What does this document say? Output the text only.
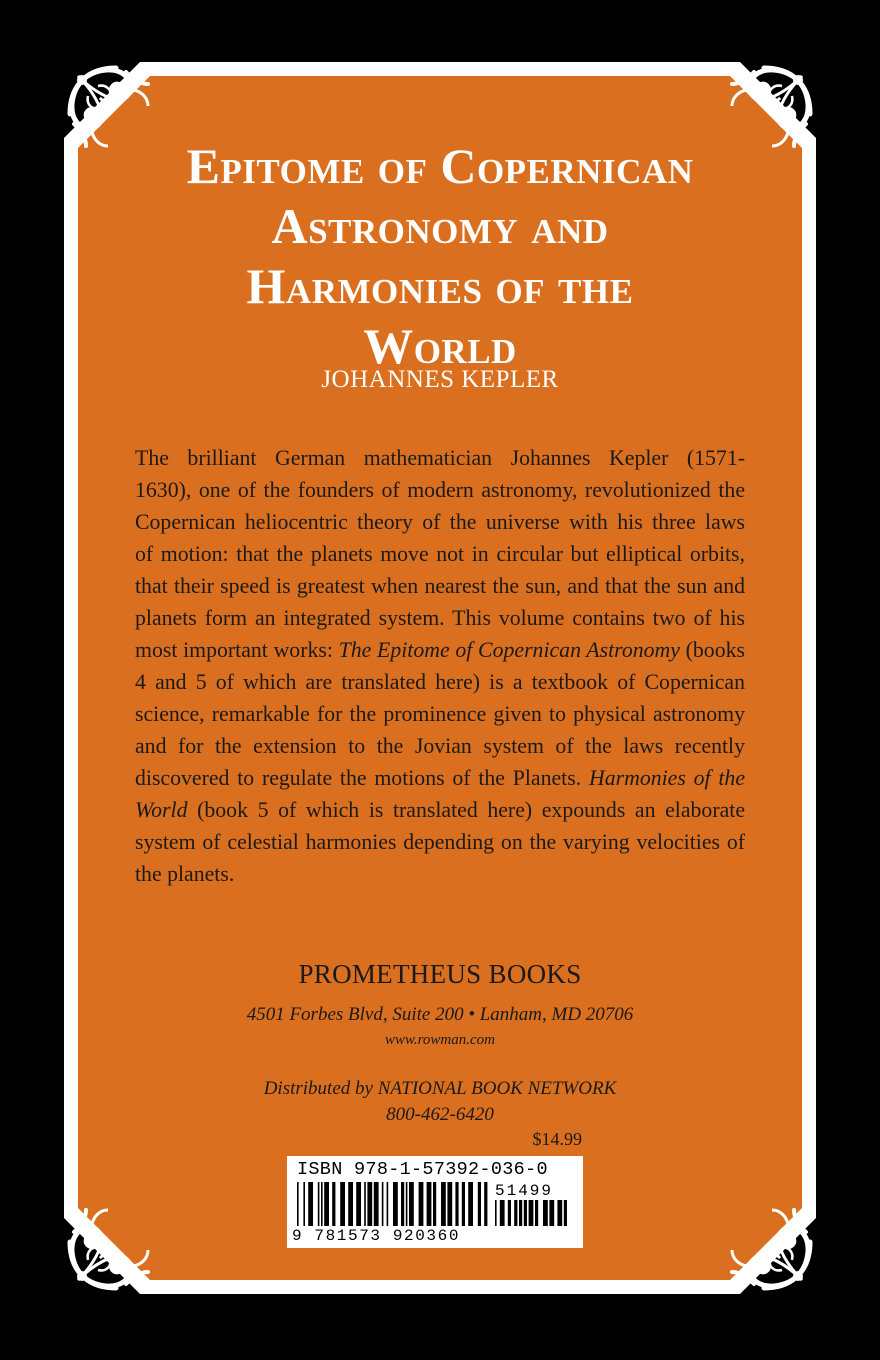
Epitome of Copernican
Astronomy and
Harmonies of the
World
JOHANNES KEPLER
The brilliant German mathematician Johannes Kepler (1571-
1630), one of the founders of modern astronomy, revolutionized the
Copernican heliocentric theory of the universe with his three laws
of motion: that the planets move not in circular but elliptical orbits,
that their speed is greatest when nearest the sun, and that the sun and
planets form an integrated system. This volume contains two of his
most important works: The Epitome of Copernican Astronomy (books
4 and 5 of which are translated here) is a textbook of Copernican
science, remarkable for the prominence given to physical astronomy
and for the extension to the Jovian system of the laws recently
discovered to regulate the motions of the Planets. Harmonies of the
World (book 5 of which is translated here) expounds an elaborate
system of celestial harmonies depending on the varying velocities of
the planets.
PROMETHEUS BOOKS
4501 Forbes Blvd, Suite 200 • Lanham, MD 20706
www.rowman.com
Distributed by NATIONAL BOOK NETWORK
800-462-6420
$14.99
ISBN 978-1-57392-036-0
51499
9 781573 920360
